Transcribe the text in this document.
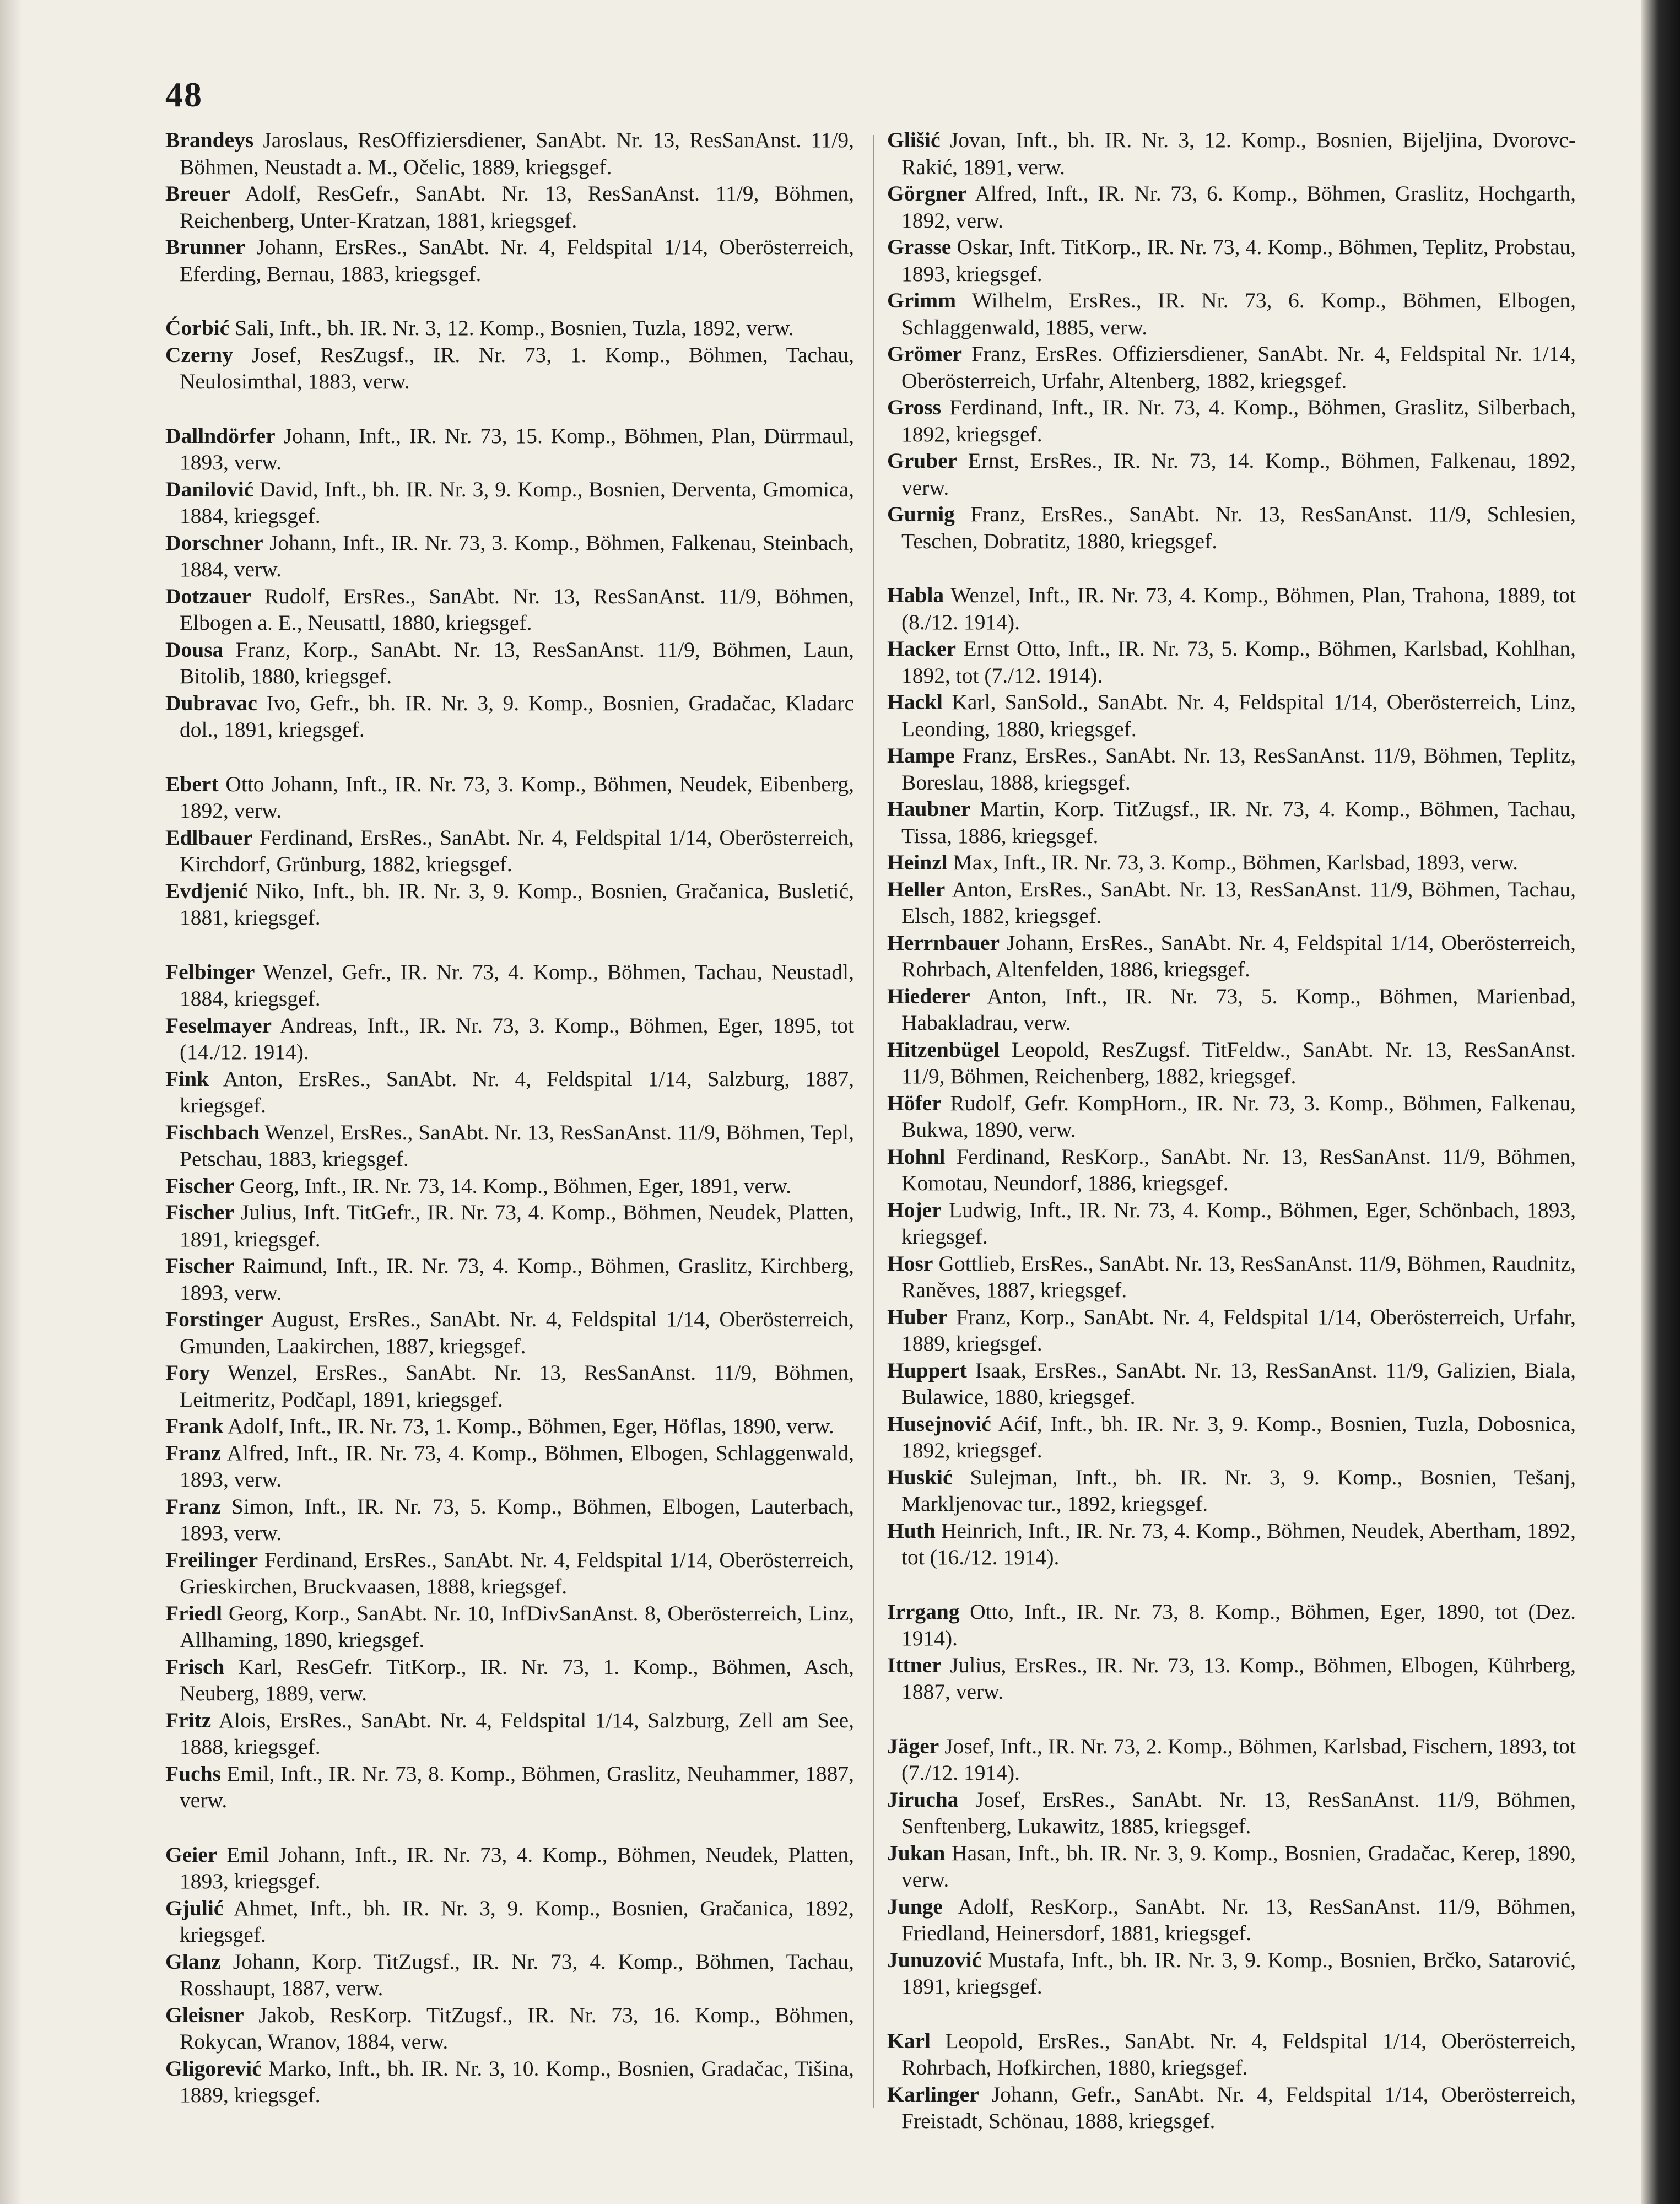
48

Brandeys Jaroslaus, ResOffiziersdiener, SanAbt. Nr. 13, ResSanAnst. 11/9, Böhmen, Neustadt a. M., Očelic, 1889, kriegsgef.

Breuer Adolf, ResGefr., SanAbt. Nr. 13, ResSanAnst. 11/9, Böhmen, Reichenberg, Unter-Kratzan, 1881, kriegsgef.

Brunner Johann, ErsRes., SanAbt. Nr. 4, Feldspital 1/14, Oberösterreich, Eferding, Bernau, 1883, kriegsgef.

Ćorbić Sali, Inft., bh. IR. Nr. 3, 12. Komp., Bosnien, Tuzla, 1892, verw.

Czerny Josef, ResZugsf., IR. Nr. 73, 1. Komp., Böhmen, Tachau, Neulosimthal, 1883, verw.

Dallndörfer Johann, Inft., IR. Nr. 73, 15. Komp., Böhmen, Plan, Dürrmaul, 1893, verw.

Danilović David, Inft., bh. IR. Nr. 3, 9. Komp., Bosnien, Derventa, Gmomica, 1884, kriegsgef.

Dorschner Johann, Inft., IR. Nr. 73, 3. Komp., Böhmen, Falkenau, Steinbach, 1884, verw.

Dotzauer Rudolf, ErsRes., SanAbt. Nr. 13, ResSanAnst. 11/9, Böhmen, Elbogen a. E., Neusattl, 1880, kriegsgef.

Dousa Franz, Korp., SanAbt. Nr. 13, ResSanAnst. 11/9, Böhmen, Laun, Bitolib, 1880, kriegsgef.

Dubravac Ivo, Gefr., bh. IR. Nr. 3, 9. Komp., Bosnien, Gradačac, Kladarc dol., 1891, kriegsgef.

Ebert Otto Johann, Inft., IR. Nr. 73, 3. Komp., Böhmen, Neudek, Eibenberg, 1892, verw.

Edlbauer Ferdinand, ErsRes., SanAbt. Nr. 4, Feldspital 1/14, Oberösterreich, Kirchdorf, Grünburg, 1882, kriegsgef.

Evdjenić Niko, Inft., bh. IR. Nr. 3, 9. Komp., Bosnien, Gračanica, Busletić, 1881, kriegsgef.

Felbinger Wenzel, Gefr., IR. Nr. 73, 4. Komp., Böhmen, Tachau, Neustadl, 1884, kriegsgef.

Feselmayer Andreas, Inft., IR. Nr. 73, 3. Komp., Böhmen, Eger, 1895, tot (14./12. 1914).

Fink Anton, ErsRes., SanAbt. Nr. 4, Feldspital 1/14, Salzburg, 1887, kriegsgef.

Fischbach Wenzel, ErsRes., SanAbt. Nr. 13, ResSanAnst. 11/9, Böhmen, Tepl, Petschau, 1883, kriegsgef.

Fischer Georg, Inft., IR. Nr. 73, 14. Komp., Böhmen, Eger, 1891, verw.

Fischer Julius, Inft. TitGefr., IR. Nr. 73, 4. Komp., Böhmen, Neudek, Platten, 1891, kriegsgef.

Fischer Raimund, Inft., IR. Nr. 73, 4. Komp., Böhmen, Graslitz, Kirchberg, 1893, verw.

Forstinger August, ErsRes., SanAbt. Nr. 4, Feldspital 1/14, Oberösterreich, Gmunden, Laakirchen, 1887, kriegsgef.

Fory Wenzel, ErsRes., SanAbt. Nr. 13, ResSanAnst. 11/9, Böhmen, Leitmeritz, Podčapl, 1891, kriegsgef.

Frank Adolf, Inft., IR. Nr. 73, 1. Komp., Böhmen, Eger, Höflas, 1890, verw.

Franz Alfred, Inft., IR. Nr. 73, 4. Komp., Böhmen, Elbogen, Schlaggenwald, 1893, verw.

Franz Simon, Inft., IR. Nr. 73, 5. Komp., Böhmen, Elbogen, Lauterbach, 1893, verw.

Freilinger Ferdinand, ErsRes., SanAbt. Nr. 4, Feldspital 1/14, Oberösterreich, Grieskirchen, Bruckvaasen, 1888, kriegsgef.

Friedl Georg, Korp., SanAbt. Nr. 10, InfDivSanAnst. 8, Oberösterreich, Linz, Allhaming, 1890, kriegsgef.

Frisch Karl, ResGefr. TitKorp., IR. Nr. 73, 1. Komp., Böhmen, Asch, Neuberg, 1889, verw.

Fritz Alois, ErsRes., SanAbt. Nr. 4, Feldspital 1/14, Salzburg, Zell am See, 1888, kriegsgef.

Fuchs Emil, Inft., IR. Nr. 73, 8. Komp., Böhmen, Graslitz, Neuhammer, 1887, verw.

Geier Emil Johann, Inft., IR. Nr. 73, 4. Komp., Böhmen, Neudek, Platten, 1893, kriegsgef.

Gjulić Ahmet, Inft., bh. IR. Nr. 3, 9. Komp., Bosnien, Gračanica, 1892, kriegsgef.

Glanz Johann, Korp. TitZugsf., IR. Nr. 73, 4. Komp., Böhmen, Tachau, Rosshaupt, 1887, verw.

Gleisner Jakob, ResKorp. TitZugsf., IR. Nr. 73, 16. Komp., Böhmen, Rokycan, Wranov, 1884, verw.

Gligorević Marko, Inft., bh. IR. Nr. 3, 10. Komp., Bosnien, Gradačac, Tišina, 1889, kriegsgef.

Glišić Jovan, Inft., bh. IR. Nr. 3, 12. Komp., Bosnien, Bijeljina, Dvorovc-Rakić, 1891, verw.

Görgner Alfred, Inft., IR. Nr. 73, 6. Komp., Böhmen, Graslitz, Hochgarth, 1892, verw.

Grasse Oskar, Inft. TitKorp., IR. Nr. 73, 4. Komp., Böhmen, Teplitz, Probstau, 1893, kriegsgef.

Grimm Wilhelm, ErsRes., IR. Nr. 73, 6. Komp., Böhmen, Elbogen, Schlaggenwald, 1885, verw.

Grömer Franz, ErsRes. Offiziersdiener, SanAbt. Nr. 4, Feldspital Nr. 1/14, Oberösterreich, Urfahr, Altenberg, 1882, kriegsgef.

Gross Ferdinand, Inft., IR. Nr. 73, 4. Komp., Böhmen, Graslitz, Silberbach, 1892, kriegsgef.

Gruber Ernst, ErsRes., IR. Nr. 73, 14. Komp., Böhmen, Falkenau, 1892, verw.

Gurnig Franz, ErsRes., SanAbt. Nr. 13, ResSanAnst. 11/9, Schlesien, Teschen, Dobratitz, 1880, kriegsgef.

Habla Wenzel, Inft., IR. Nr. 73, 4. Komp., Böhmen, Plan, Trahona, 1889, tot (8./12. 1914).

Hacker Ernst Otto, Inft., IR. Nr. 73, 5. Komp., Böhmen, Karlsbad, Kohlhan, 1892, tot (7./12. 1914).

Hackl Karl, SanSold., SanAbt. Nr. 4, Feldspital 1/14, Oberösterreich, Linz, Leonding, 1880, kriegsgef.

Hampe Franz, ErsRes., SanAbt. Nr. 13, ResSanAnst. 11/9, Böhmen, Teplitz, Boreslau, 1888, kriegsgef.

Haubner Martin, Korp. TitZugsf., IR. Nr. 73, 4. Komp., Böhmen, Tachau, Tissa, 1886, kriegsgef.

Heinzl Max, Inft., IR. Nr. 73, 3. Komp., Böhmen, Karlsbad, 1893, verw.

Heller Anton, ErsRes., SanAbt. Nr. 13, ResSanAnst. 11/9, Böhmen, Tachau, Elsch, 1882, kriegsgef.

Herrnbauer Johann, ErsRes., SanAbt. Nr. 4, Feldspital 1/14, Oberösterreich, Rohrbach, Altenfelden, 1886, kriegsgef.

Hiederer Anton, Inft., IR. Nr. 73, 5. Komp., Böhmen, Marienbad, Habakladrau, verw.

Hitzenbügel Leopold, ResZugsf. TitFeldw., SanAbt. Nr. 13, ResSanAnst. 11/9, Böhmen, Reichenberg, 1882, kriegsgef.

Höfer Rudolf, Gefr. KompHorn., IR. Nr. 73, 3. Komp., Böhmen, Falkenau, Bukwa, 1890, verw.

Hohnl Ferdinand, ResKorp., SanAbt. Nr. 13, ResSanAnst. 11/9, Böhmen, Komotau, Neundorf, 1886, kriegsgef.

Hojer Ludwig, Inft., IR. Nr. 73, 4. Komp., Böhmen, Eger, Schönbach, 1893, kriegsgef.

Hosr Gottlieb, ErsRes., SanAbt. Nr. 13, ResSanAnst. 11/9, Böhmen, Raudnitz, Raněves, 1887, kriegsgef.

Huber Franz, Korp., SanAbt. Nr. 4, Feldspital 1/14, Oberösterreich, Urfahr, 1889, kriegsgef.

Huppert Isaak, ErsRes., SanAbt. Nr. 13, ResSanAnst. 11/9, Galizien, Biala, Bulawice, 1880, kriegsgef.

Husejnović Aćif, Inft., bh. IR. Nr. 3, 9. Komp., Bosnien, Tuzla, Dobosnica, 1892, kriegsgef.

Huskić Sulejman, Inft., bh. IR. Nr. 3, 9. Komp., Bosnien, Tešanj, Markljenovac tur., 1892, kriegsgef.

Huth Heinrich, Inft., IR. Nr. 73, 4. Komp., Böhmen, Neudek, Abertham, 1892, tot (16./12. 1914).

Irrgang Otto, Inft., IR. Nr. 73, 8. Komp., Böhmen, Eger, 1890, tot (Dez. 1914).

Ittner Julius, ErsRes., IR. Nr. 73, 13. Komp., Böhmen, Elbogen, Kührberg, 1887, verw.

Jäger Josef, Inft., IR. Nr. 73, 2. Komp., Böhmen, Karlsbad, Fischern, 1893, tot (7./12. 1914).

Jirucha Josef, ErsRes., SanAbt. Nr. 13, ResSanAnst. 11/9, Böhmen, Senftenberg, Lukawitz, 1885, kriegsgef.

Jukan Hasan, Inft., bh. IR. Nr. 3, 9. Komp., Bosnien, Gradačac, Kerep, 1890, verw.

Junge Adolf, ResKorp., SanAbt. Nr. 13, ResSanAnst. 11/9, Böhmen, Friedland, Heinersdorf, 1881, kriegsgef.

Junuzović Mustafa, Inft., bh. IR. Nr. 3, 9. Komp., Bosnien, Brčko, Satarović, 1891, kriegsgef.

Karl Leopold, ErsRes., SanAbt. Nr. 4, Feldspital 1/14, Oberösterreich, Rohrbach, Hofkirchen, 1880, kriegsgef.

Karlinger Johann, Gefr., SanAbt. Nr. 4, Feldspital 1/14, Oberösterreich, Freistadt, Schönau, 1888, kriegsgef.
